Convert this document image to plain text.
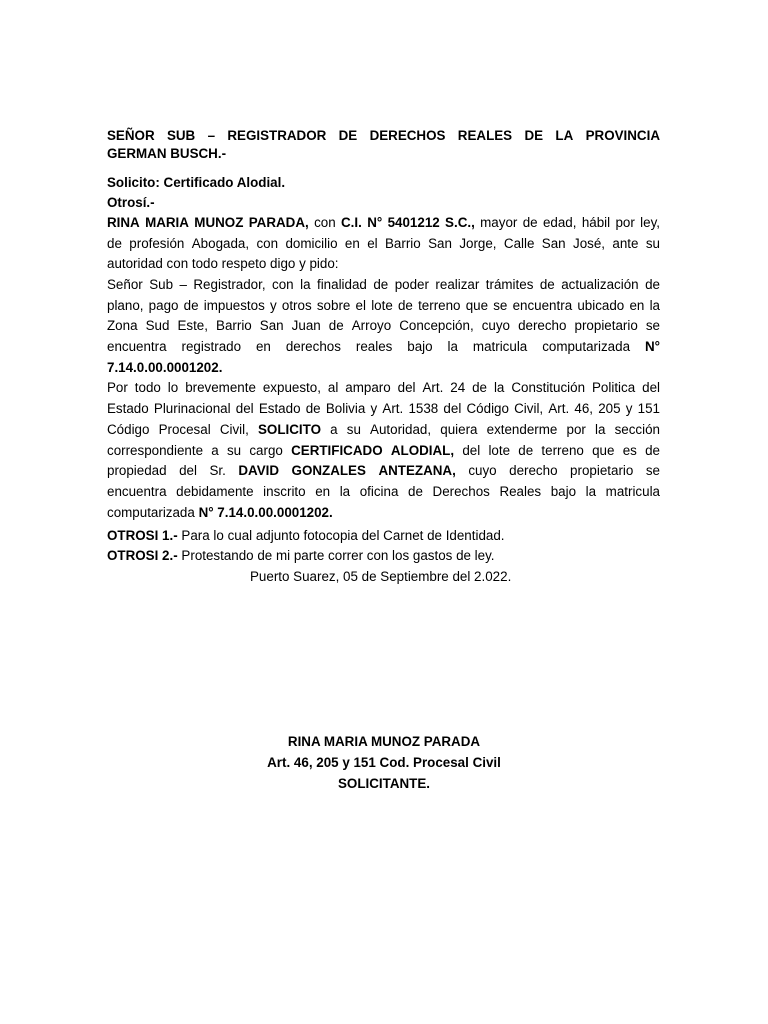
SEÑOR SUB – REGISTRADOR DE DERECHOS REALES DE LA PROVINCIA
GERMAN BUSCH.-
Solicito: Certificado Alodial.
Otrosí.-
RINA MARIA MUNOZ PARADA, con C.I. N° 5401212 S.C., mayor de edad, hábil por ley,
de profesión Abogada, con domicilio en el Barrio San Jorge, Calle San José, ante su
autoridad con todo respeto digo y pido:
Señor Sub – Registrador, con la finalidad de poder realizar trámites de actualización de
plano, pago de impuestos y otros sobre el lote de terreno que se encuentra ubicado en la
Zona Sud Este, Barrio San Juan de Arroyo Concepción, cuyo derecho propietario se
encuentra registrado en derechos reales bajo la matricula computarizada N°
7.14.0.00.0001202.
Por todo lo brevemente expuesto, al amparo del Art. 24 de la Constitución Politica del
Estado Plurinacional del Estado de Bolivia y Art. 1538 del Código Civil, Art. 46, 205 y 151
Código Procesal Civil, SOLICITO a su Autoridad, quiera extenderme por la sección
correspondiente a su cargo CERTIFICADO ALODIAL, del lote de terreno que es de
propiedad del Sr. DAVID GONZALES ANTEZANA, cuyo derecho propietario se
encuentra debidamente inscrito en la oficina de Derechos Reales bajo la matricula
computarizada N° 7.14.0.00.0001202.
OTROSI 1.- Para lo cual adjunto fotocopia del Carnet de Identidad.
OTROSI 2.- Protestando de mi parte correr con los gastos de ley.
Puerto Suarez, 05 de Septiembre del 2.022.
RINA MARIA MUNOZ PARADA
Art. 46, 205 y 151 Cod. Procesal Civil
SOLICITANTE.
